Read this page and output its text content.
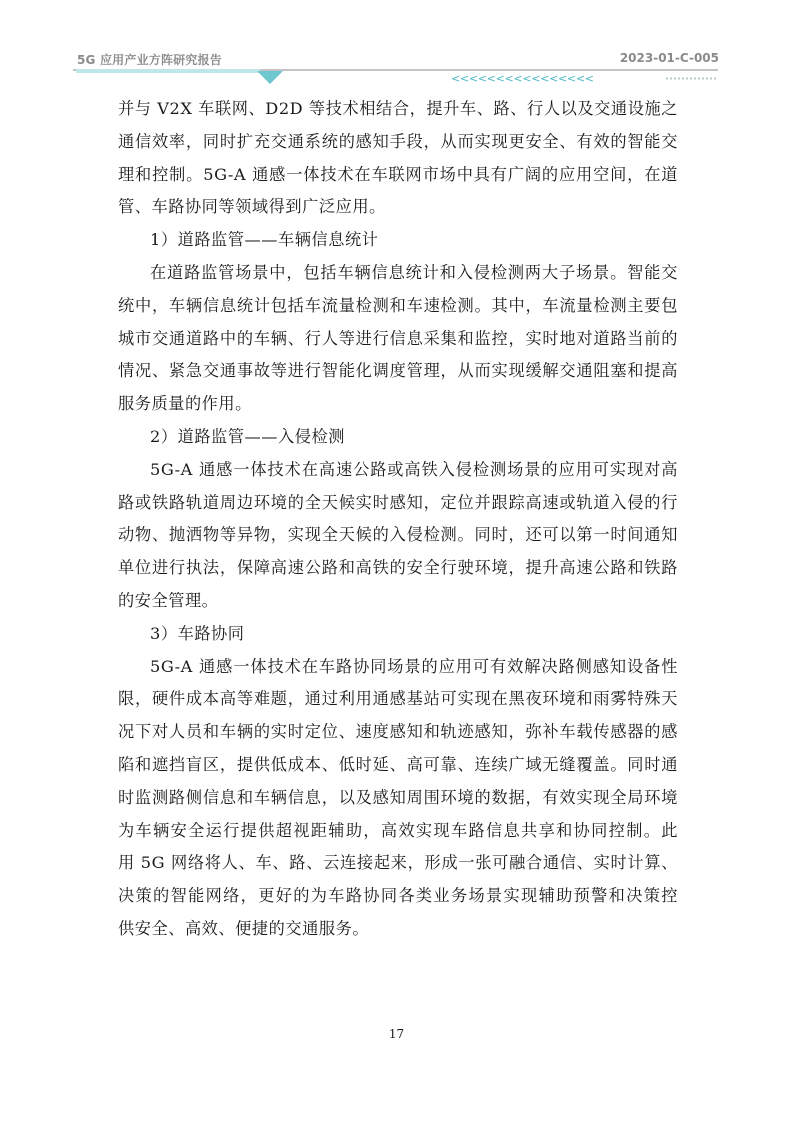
5G 应用产业方阵研究报告	2023-01-C-005
<<<<<<<<<<<<<<<<
并与 V2X 车联网、D2D 等技术相结合，提升车、路、行人以及交通设施之
通信效率，同时扩充交通系统的感知手段，从而实现更安全、有效的智能交
理和控制。5G-A 通感一体技术在车联网市场中具有广阔的应用空间，在道
管、车路协同等领域得到广泛应用。
1）道路监管——车辆信息统计
在道路监管场景中，包括车辆信息统计和入侵检测两大子场景。智能交
统中，车辆信息统计包括车流量检测和车速检测。其中，车流量检测主要包
城市交通道路中的车辆、行人等进行信息采集和监控，实时地对道路当前的
情况、紧急交通事故等进行智能化调度管理，从而实现缓解交通阻塞和提高
服务质量的作用。
2）道路监管——入侵检测
5G-A 通感一体技术在高速公路或高铁入侵检测场景的应用可实现对高
路或铁路轨道周边环境的全天候实时感知，定位并跟踪高速或轨道入侵的行
动物、抛洒物等异物，实现全天候的入侵检测。同时，还可以第一时间通知
单位进行执法，保障高速公路和高铁的安全行驶环境，提升高速公路和铁路
的安全管理。
3）车路协同
5G-A 通感一体技术在车路协同场景的应用可有效解决路侧感知设备性
限，硬件成本高等难题，通过利用通感基站可实现在黑夜环境和雨雾特殊天
况下对人员和车辆的实时定位、速度感知和轨迹感知，弥补车载传感器的感
陷和遮挡盲区，提供低成本、低时延、高可靠、连续广域无缝覆盖。同时通
时监测路侧信息和车辆信息，以及感知周围环境的数据，有效实现全局环境
为车辆安全运行提供超视距辅助，高效实现车路信息共享和协同控制。此
用 5G 网络将人、车、路、云连接起来，形成一张可融合通信、实时计算、
决策的智能网络，更好的为车路协同各类业务场景实现辅助预警和决策控
供安全、高效、便捷的交通服务。
17
